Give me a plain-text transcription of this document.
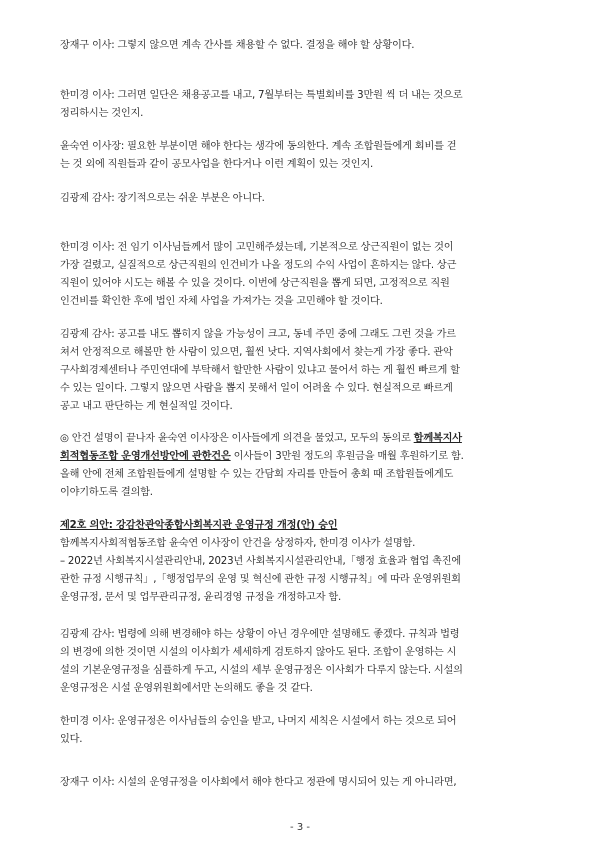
장재구 이사: 그렇지 않으면 계속 간사를 채용할 수 없다. 결정을 해야 할 상황이다.
한미경 이사: 그러면 일단은 채용공고를 내고, 7월부터는 특별회비를 3만원 씩 더 내는 것으로
정리하시는 것인지.
윤숙연 이사장: 필요한 부분이면 해야 한다는 생각에 동의한다. 계속 조합원들에게 회비를 걷
는 것 외에 직원들과 같이 공모사업을 한다거나 이런 계획이 있는 것인지.
김광제 감사: 장기적으로는 쉬운 부분은 아니다.
한미경 이사: 전 임기 이사님들께서 많이 고민해주셨는데, 기본적으로 상근직원이 없는 것이
가장 걸렸고, 실질적으로 상근직원의 인건비가 나올 정도의 수익 사업이 흔하지는 않다. 상근
직원이 있어야 시도는 해볼 수 있을 것이다. 이번에 상근직원을 뽑게 되면, 고정적으로 직원
인건비를 확인한 후에 법인 자체 사업을 가져가는 것을 고민해야 할 것이다.
김광제 감사: 공고를 내도 뽑히지 않을 가능성이 크고, 동네 주민 중에 그래도 그런 것을 가르
쳐서 안정적으로 해볼만 한 사람이 있으면, 훨씬 낫다. 지역사회에서 찾는게 가장 좋다. 관악
구사회경제센터나 주민연대에 부탁해서 할만한 사람이 있냐고 물어서 하는 게 훨씬 빠르게 할
수 있는 일이다. 그렇지 않으면 사람을 뽑지 못해서 일이 어려울 수 있다. 현실적으로 빠르게
공고 내고 판단하는 게 현실적일 것이다.
◎ 안건 설명이 끝나자 윤숙연 이사장은 이사들에게 의견을 물었고, 모두의 동의로 함께복지사
회적협동조합 운영개선방안에 관한건은 이사들이 3만원 정도의 후원금을 매월 후원하기로 함.
올해 안에 전체 조합원들에게 설명할 수 있는 간담회 자리를 만들어 총회 때 조합원들에게도
이야기하도록 결의함.
제2호 의안: 강감찬관악종합사회복지관 운영규정 개정(안) 승인
함께복지사회적협동조합 윤숙연 이사장이 안건을 상정하자, 한미경 이사가 설명함.
– 2022년 사회복지시설관리안내, 2023년 사회복지시설관리안내,「행정 효율과 협업 촉진에
관한 규정 시행규칙」,「행정업무의 운영 및 혁신에 관한 규정 시행규칙」에 따라 운영위원회
운영규정, 문서 및 업무관리규정, 윤리경영 규정을 개정하고자 함.
김광제 감사: 법령에 의해 변경해야 하는 상황이 아닌 경우에만 설명해도 좋겠다. 규칙과 법령
의 변경에 의한 것이면 시설의 이사회가 세세하게 검토하지 않아도 된다. 조합이 운영하는 시
설의 기본운영규정을 심플하게 두고, 시설의 세부 운영규정은 이사회가 다루지 않는다. 시설의
운영규정은 시설 운영위원회에서만 논의해도 좋을 것 같다.
한미경 이사: 운영규정은 이사님들의 승인을 받고, 나머지 세칙은 시설에서 하는 것으로 되어
있다.
장재구 이사: 시설의 운영규정을 이사회에서 해야 한다고 정관에 명시되어 있는 게 아니라면,
- 3 -
